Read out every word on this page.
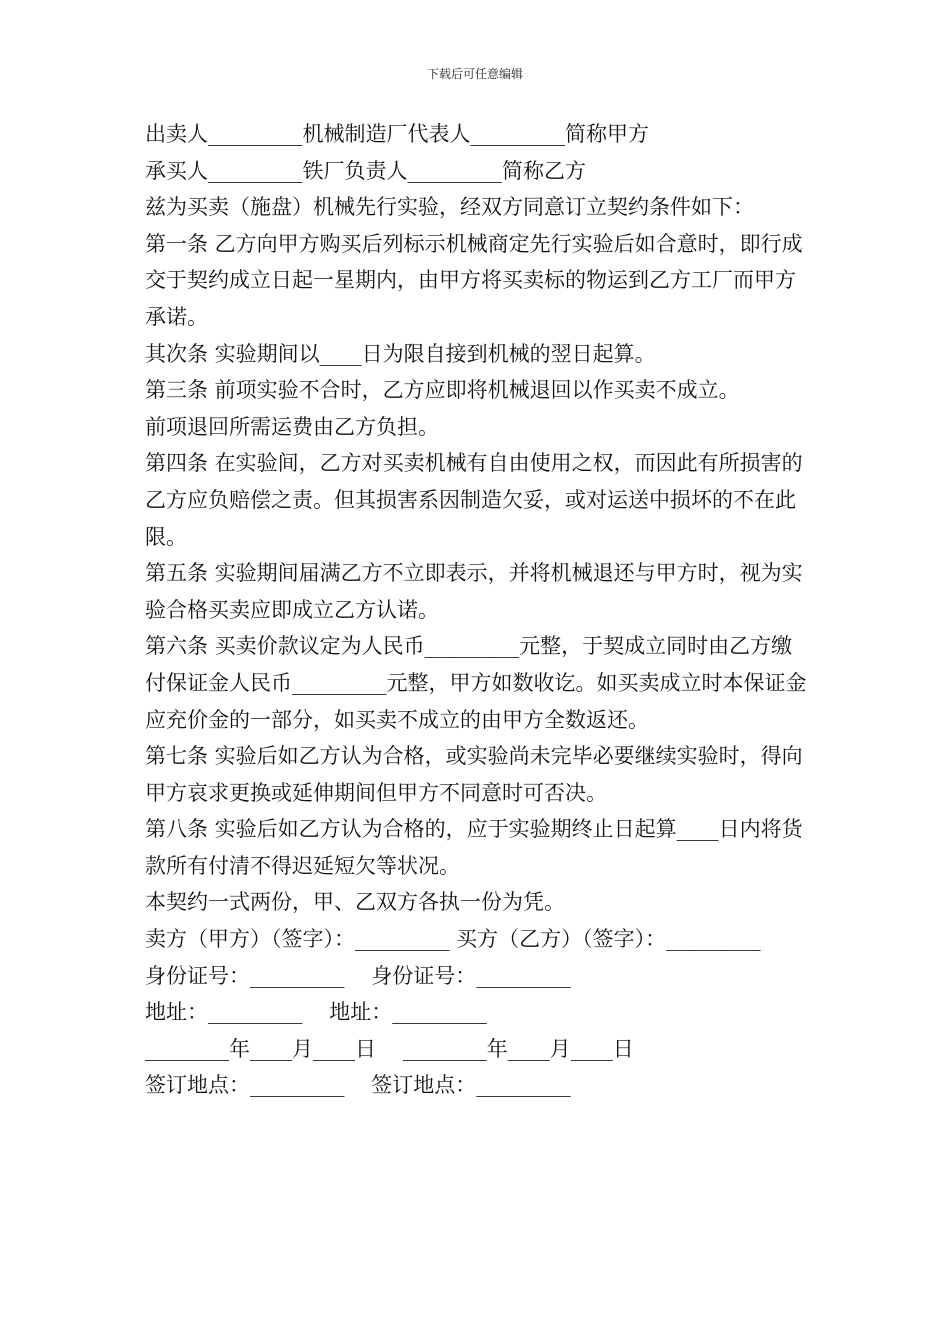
下载后可任意编辑

出卖人_________机械制造厂代表人_________简称甲方

承买人_________铁厂负责人_________简称乙方

兹为买卖（施盘）机械先行实验，经双方同意订立契约条件如下：

第一条 乙方向甲方购买后列标示机械商定先行实验后如合意时，即行成交于契约成立日起一星期内，由甲方将买卖标的物运到乙方工厂而甲方承诺。

其次条 实验期间以____日为限自接到机械的翌日起算。

第三条 前项实验不合时，乙方应即将机械退回以作买卖不成立。

前项退回所需运费由乙方负担。

第四条 在实验间，乙方对买卖机械有自由使用之权，而因此有所损害的乙方应负赔偿之责。但其损害系因制造欠妥，或对运送中损坏的不在此限。

第五条 实验期间届满乙方不立即表示，并将机械退还与甲方时，视为实验合格买卖应即成立乙方认诺。

第六条 买卖价款议定为人民币_________元整，于契成立同时由乙方缴付保证金人民币_________元整，甲方如数收讫。如买卖成立时本保证金应充价金的一部分，如买卖不成立的由甲方全数返还。

第七条 实验后如乙方认为合格，或实验尚未完毕必要继续实验时，得向甲方哀求更换或延伸期间但甲方不同意时可否决。

第八条 实验后如乙方认为合格的，应于实验期终止日起算____日内将货款所有付清不得迟延短欠等状况。

本契约一式两份，甲、乙双方各执一份为凭。

卖方（甲方）（签字）：_________ 买方（乙方）（签字）：_________

身份证号：_________    身份证号：_________

地址：_________    地址：_________

________年____月____日    ________年____月____日

签订地点：_________    签订地点：_________
